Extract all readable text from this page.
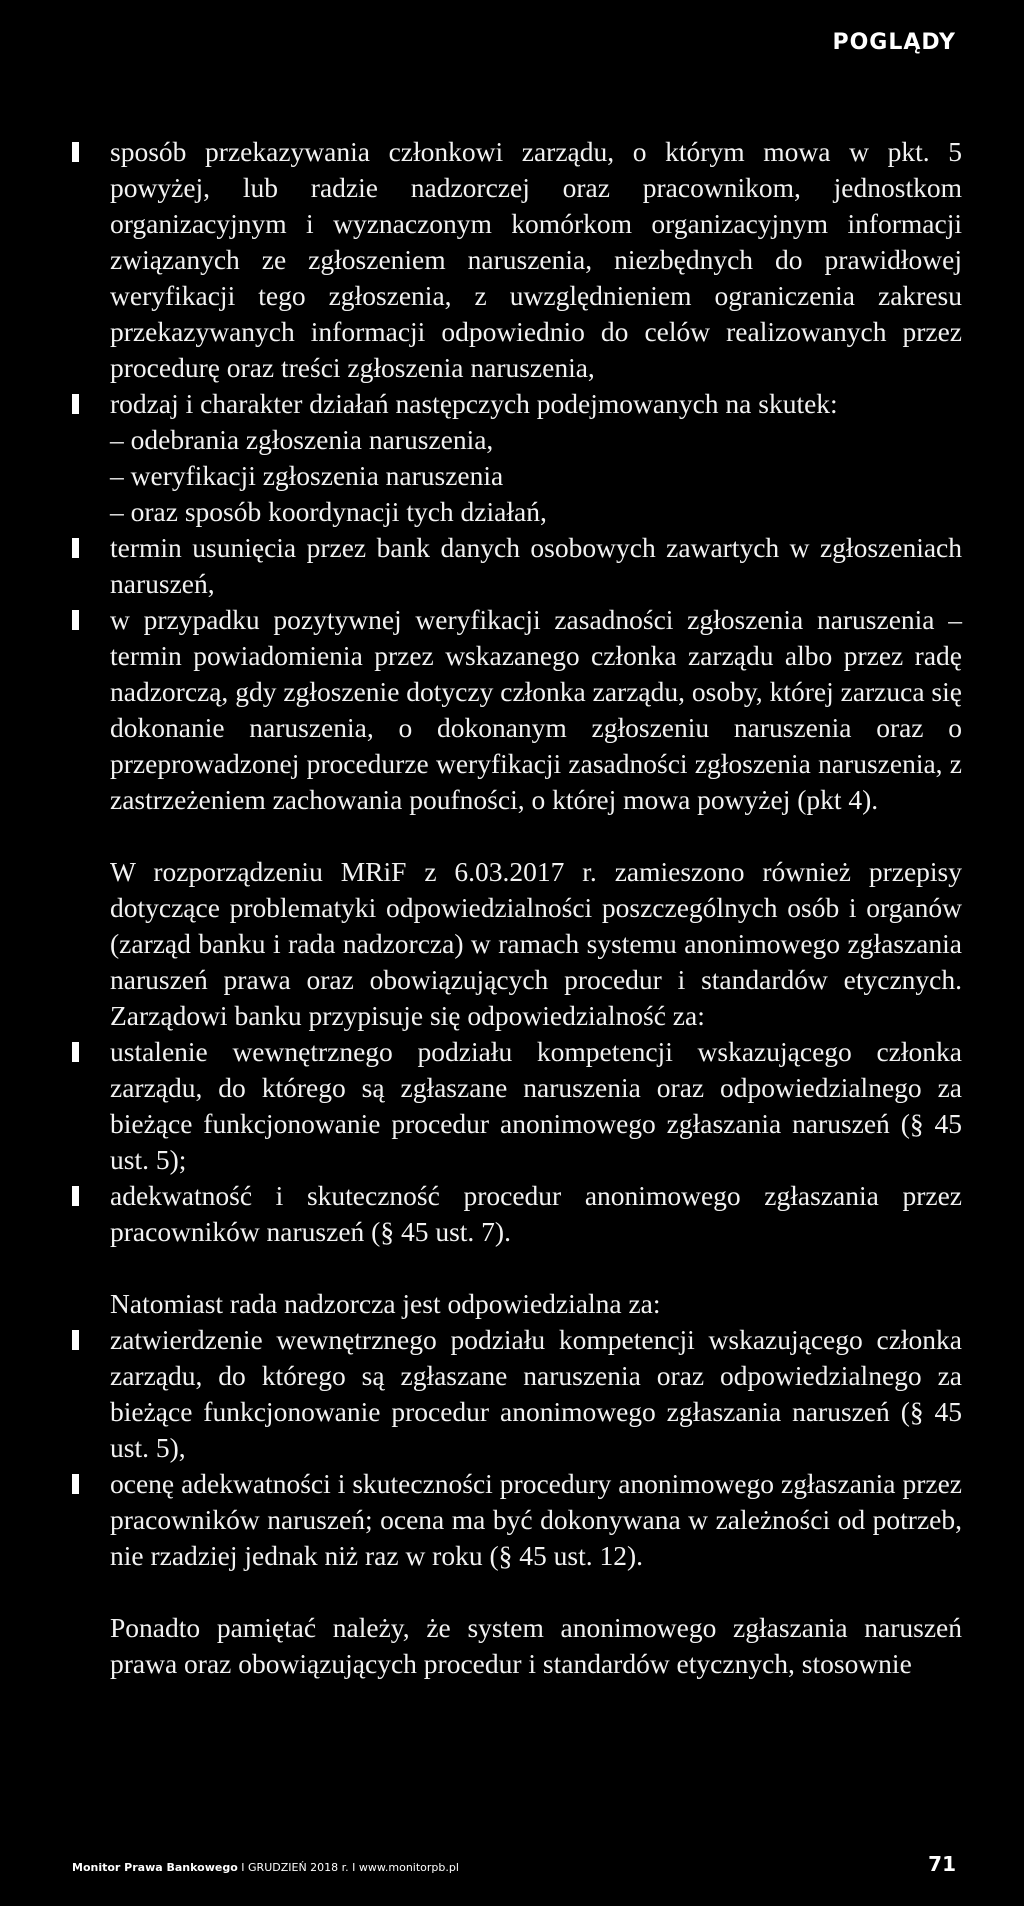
POGLĄDY
sposób przekazywania członkowi zarządu, o którym mowa w pkt. 5 powyżej, lub radzie nadzorczej oraz pracownikom, jednostkom organizacyjnym i wyznaczonym komórkom organizacyjnym informacji związanych ze zgłoszeniem naruszenia, niezbędnych do prawidłowej weryfikacji tego zgłoszenia, z uwzględnieniem ograniczenia zakresu przekazywanych informacji odpowiednio do celów realizowanych przez procedurę oraz treści zgłoszenia naruszenia,
rodzaj i charakter działań następczych podejmowanych na skutek:
– odebrania zgłoszenia naruszenia,
– weryfikacji zgłoszenia naruszenia
– oraz sposób koordynacji tych działań,
termin usunięcia przez bank danych osobowych zawartych w zgłoszeniach naruszeń,
w przypadku pozytywnej weryfikacji zasadności zgłoszenia naruszenia – termin powiadomienia przez wskazanego członka zarządu albo przez radę nadzorczą, gdy zgłoszenie dotyczy członka zarządu, osoby, której zarzuca się dokonanie naruszenia, o dokonanym zgłoszeniu naruszenia oraz o przeprowadzonej procedurze weryfikacji zasadności zgłoszenia naruszenia, z zastrzeżeniem zachowania poufności, o której mowa powyżej (pkt 4).

W rozporządzeniu MRiF z 6.03.2017 r. zamieszono również przepisy dotyczące problematyki odpowiedzialności poszczególnych osób i organów (zarząd banku i rada nadzorcza) w ramach systemu anonimowego zgłaszania naruszeń prawa oraz obowiązujących procedur i standardów etycznych. Zarządowi banku przypisuje się odpowiedzialność za:

ustalenie wewnętrznego podziału kompetencji wskazującego członka zarządu, do którego są zgłaszane naruszenia oraz odpowiedzialnego za bieżące funkcjonowanie procedur anonimowego zgłaszania naruszeń (§ 45 ust. 5);
adekwatność i skuteczność procedur anonimowego zgłaszania przez pracowników naruszeń (§ 45 ust. 7).

Natomiast rada nadzorcza jest odpowiedzialna za:

zatwierdzenie wewnętrznego podziału kompetencji wskazującego członka zarządu, do którego są zgłaszane naruszenia oraz odpowiedzialnego za bieżące funkcjonowanie procedur anonimowego zgłaszania naruszeń (§ 45 ust. 5),
ocenę adekwatności i skuteczności procedury anonimowego zgłaszania przez pracowników naruszeń; ocena ma być dokonywana w zależności od potrzeb, nie rzadziej jednak niż raz w roku (§ 45 ust. 12).

Ponadto pamiętać należy, że system anonimowego zgłaszania naruszeń prawa oraz obowiązujących procedur i standardów etycznych, stosownie

Monitor Prawa Bankowego I GRUDZIEŃ 2018 r. I www.monitorpb.pl	71
